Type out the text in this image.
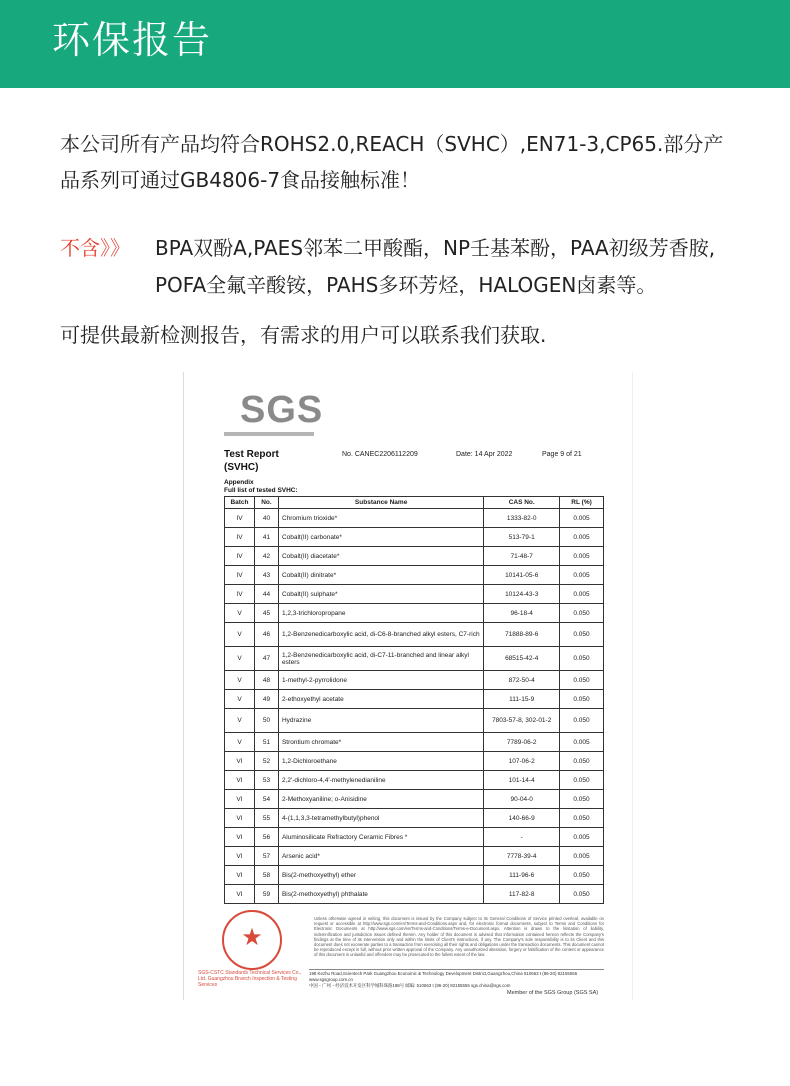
环保报告
本公司所有产品均符合ROHS2.0,REACH（SVHC）,EN71-3,CP65.部分产
品系列可通过GB4806-7食品接触标准！
不含》》 BPA双酚A,PAES邻苯二甲酸酯，NP壬基苯酚，PAA初级芳香胺,
POFA全氟辛酸铵，PAHS多环芳烃，HALOGEN卤素等。
可提供最新检测报告，有需求的用户可以联系我们获取.
SGS
Test Report
(SVHC)
No. CANEC2206112209	Date: 14 Apr 2022	Page 9 of 21
Appendix
Full list of tested SVHC:
Batch	No.	Substance Name	CAS No.	RL (%)
IV	40	Chromium trioxide*	1333-82-0	0.005
IV	41	Cobalt(II) carbonate*	513-79-1	0.005
IV	42	Cobalt(II) diacetate*	71-48-7	0.005
IV	43	Cobalt(II) dinitrate*	10141-05-6	0.005
IV	44	Cobalt(II) sulphate*	10124-43-3	0.005
V	45	1,2,3-trichloropropane	96-18-4	0.050
V	46	1,2-Benzenedicarboxylic acid, di-C6-8-branched alkyl esters, C7-rich	71888-89-6	0.050
V	47	1,2-Benzenedicarboxylic acid, di-C7-11-branched and linear alkyl esters	68515-42-4	0.050
V	48	1-methyl-2-pyrrolidone	872-50-4	0.050
V	49	2-ethoxyethyl acetate	111-15-9	0.050
V	50	Hydrazine	7803-57-8, 302-01-2	0.050
V	51	Strontium chromate*	7789-06-2	0.005
VI	52	1,2-Dichloroethane	107-06-2	0.050
VI	53	2,2'-dichloro-4,4'-methylenedianiline	101-14-4	0.050
VI	54	2-Methoxyaniline; o-Anisidine	90-04-0	0.050
VI	55	4-(1,1,3,3-tetramethylbutyl)phenol	140-66-9	0.050
VI	56	Aluminosilicate Refractory Ceramic Fibres *	-	0.005
VI	57	Arsenic acid*	7778-39-4	0.005
VI	58	Bis(2-methoxyethyl) ether	111-96-6	0.050
VI	59	Bis(2-methoxyethyl) phthalate	117-82-8	0.050
★
SGS-CSTC Standards Technical Services Co., Ltd. Guangzhou Branch Inspection & Testing Services
Unless otherwise agreed in writing, this document is issued by the Company subject to its General Conditions of Service printed overleaf, available on request or accessible at http://www.sgs.com/en/Terms-and-Conditions.aspx and, for electronic format documents, subject to Terms and Conditions for Electronic Documents at http://www.sgs.com/en/Terms-and-Conditions/Terms-e-Document.aspx. Attention is drawn to the limitation of liability, indemnification and jurisdiction issues defined therein. Any holder of this document is advised that information contained hereon reflects the Company's findings at the time of its intervention only and within the limits of Client's instructions, if any. The Company's sole responsibility is to its Client and this document does not exonerate parties to a transaction from exercising all their rights and obligations under the transaction documents. This document cannot be reproduced except in full, without prior written approval of the Company. Any unauthorized alteration, forgery or falsification of the content or appearance of this document is unlawful and offenders may be prosecuted to the fullest extent of the law.
198 Kezhu Road,Scientech Park Guangzhou Economic & Technology Development District,Guangzhou,China 510663 t (86-20) 82155555 www.sgsgroup.com.cn
中国・广州・经济技术开发区科学城科珠路198号 邮编: 510663 t (86-20) 82155555 sgs.china@sgs.com
Member of the SGS Group (SGS SA)
